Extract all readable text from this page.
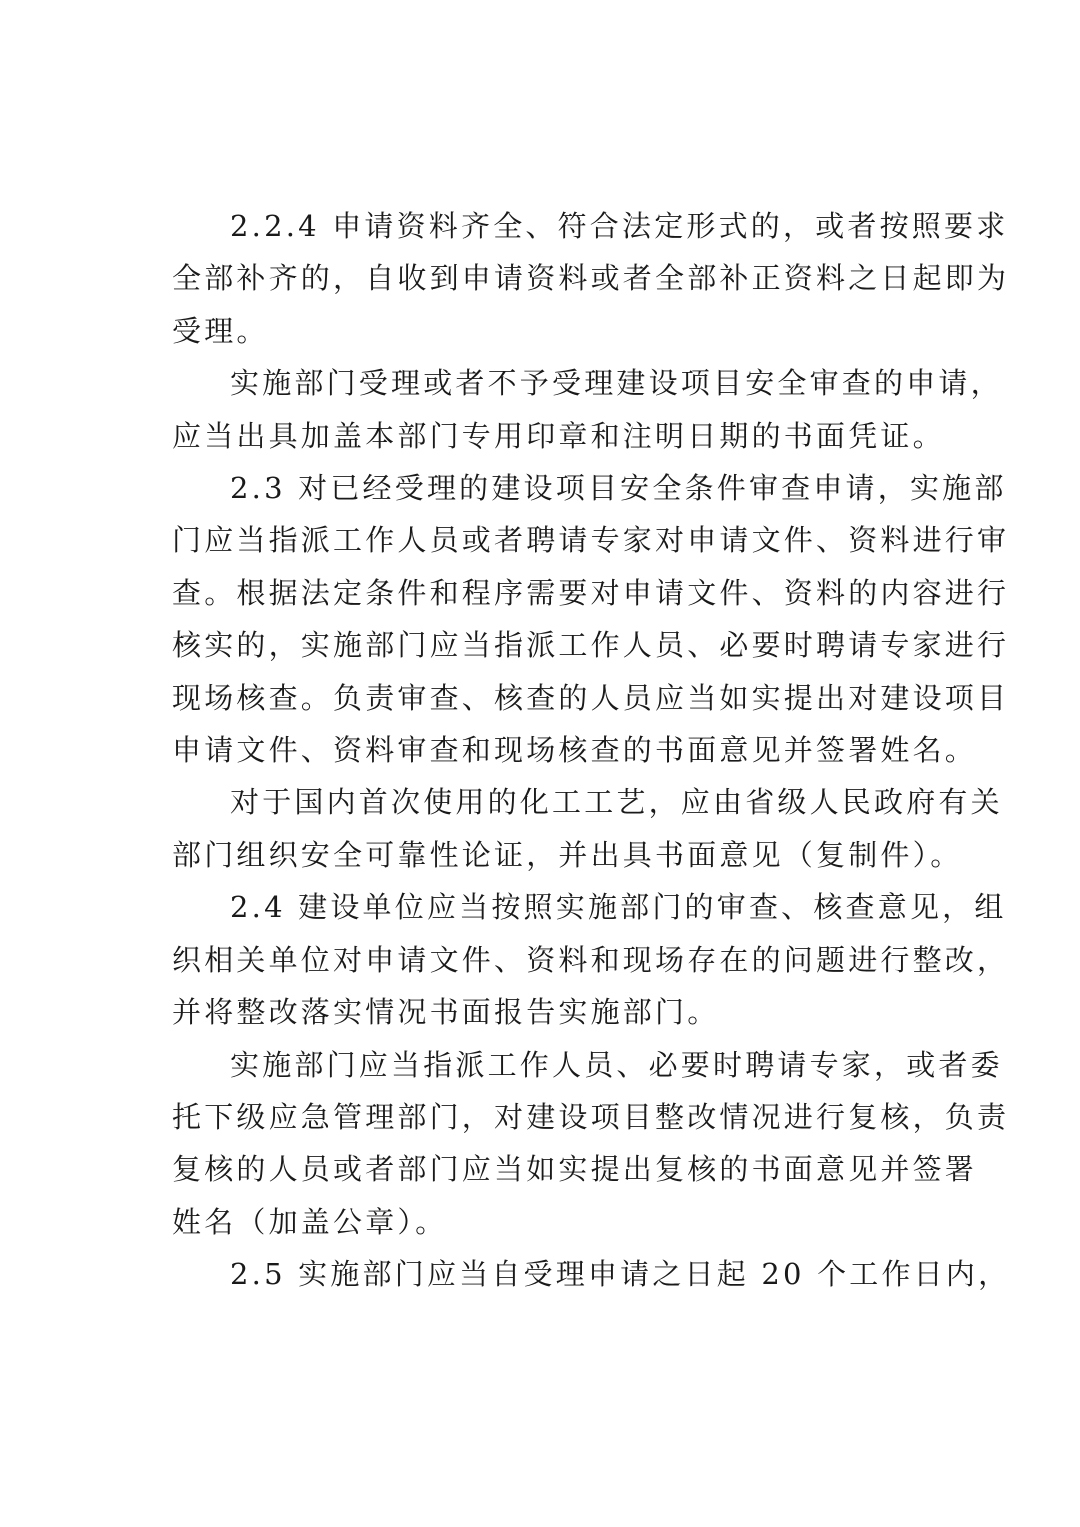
2.2.4 申请资料齐全、符合法定形式的，或者按照要求
全部补齐的，自收到申请资料或者全部补正资料之日起即为
受理。

实施部门受理或者不予受理建设项目安全审查的申请，
应当出具加盖本部门专用印章和注明日期的书面凭证。

2.3 对已经受理的建设项目安全条件审查申请，实施部
门应当指派工作人员或者聘请专家对申请文件、资料进行审
查。根据法定条件和程序需要对申请文件、资料的内容进行
核实的，实施部门应当指派工作人员、必要时聘请专家进行
现场核查。负责审查、核查的人员应当如实提出对建设项目
申请文件、资料审查和现场核查的书面意见并签署姓名。

对于国内首次使用的化工工艺，应由省级人民政府有关
部门组织安全可靠性论证，并出具书面意见（复制件）。

2.4 建设单位应当按照实施部门的审查、核查意见，组
织相关单位对申请文件、资料和现场存在的问题进行整改，
并将整改落实情况书面报告实施部门。

实施部门应当指派工作人员、必要时聘请专家，或者委
托下级应急管理部门，对建设项目整改情况进行复核，负责
复核的人员或者部门应当如实提出复核的书面意见并签署
姓名（加盖公章）。

2.5 实施部门应当自受理申请之日起 20 个工作日内，
